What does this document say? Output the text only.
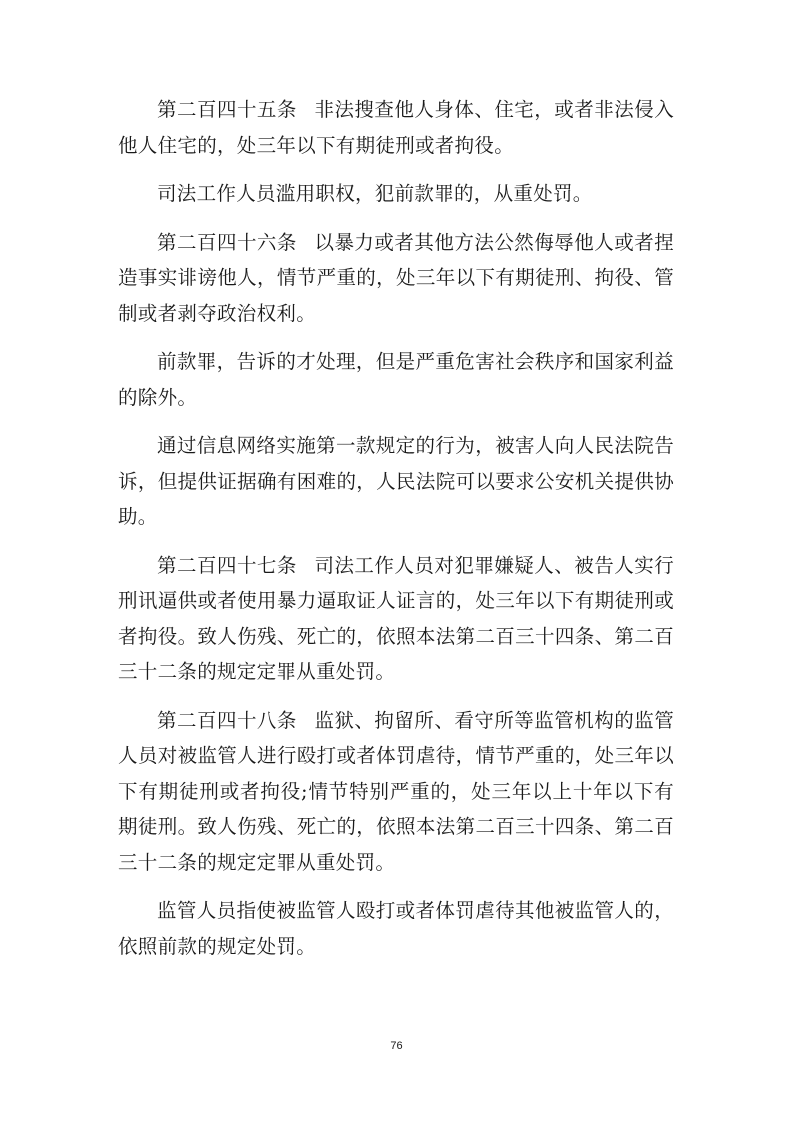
第二百四十五条 非法搜查他人身体、住宅，或者非法侵入他人住宅的，处三年以下有期徒刑或者拘役。

司法工作人员滥用职权，犯前款罪的，从重处罚。

第二百四十六条 以暴力或者其他方法公然侮辱他人或者捏造事实诽谤他人，情节严重的，处三年以下有期徒刑、拘役、管制或者剥夺政治权利。

前款罪，告诉的才处理，但是严重危害社会秩序和国家利益的除外。

通过信息网络实施第一款规定的行为，被害人向人民法院告诉，但提供证据确有困难的，人民法院可以要求公安机关提供协助。

第二百四十七条 司法工作人员对犯罪嫌疑人、被告人实行刑讯逼供或者使用暴力逼取证人证言的，处三年以下有期徒刑或者拘役。致人伤残、死亡的，依照本法第二百三十四条、第二百三十二条的规定定罪从重处罚。

第二百四十八条 监狱、拘留所、看守所等监管机构的监管人员对被监管人进行殴打或者体罚虐待，情节严重的，处三年以下有期徒刑或者拘役;情节特别严重的，处三年以上十年以下有期徒刑。致人伤残、死亡的，依照本法第二百三十四条、第二百三十二条的规定定罪从重处罚。

监管人员指使被监管人殴打或者体罚虐待其他被监管人的，依照前款的规定处罚。

76
